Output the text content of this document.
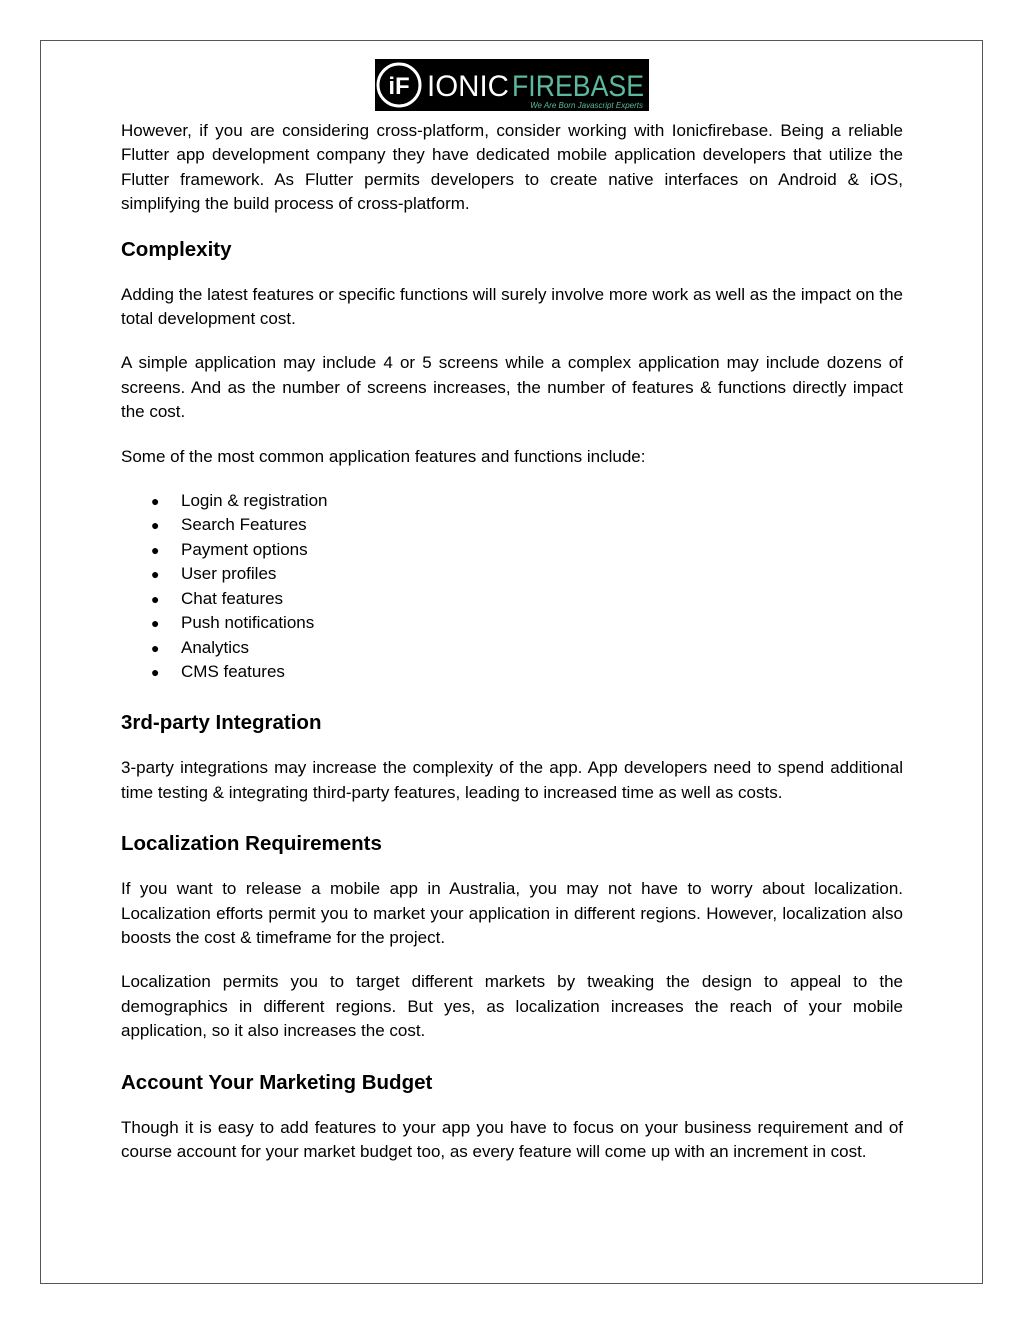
iF IONIC FIREBASE
We Are Born Javascript Experts

However, if you are considering cross-platform, consider working with Ionicfirebase. Being a reliable Flutter app development company they have dedicated mobile application developers that utilize the Flutter framework. As Flutter permits developers to create native interfaces on Android & iOS, simplifying the build process of cross-platform.

Complexity

Adding the latest features or specific functions will surely involve more work as well as the impact on the total development cost.

A simple application may include 4 or 5 screens while a complex application may include dozens of screens. And as the number of screens increases, the number of features & functions directly impact the cost.

Some of the most common application features and functions include:

● Login & registration
● Search Features
● Payment options
● User profiles
● Chat features
● Push notifications
● Analytics
● CMS features
3rd-party Integration

3-party integrations may increase the complexity of the app. App developers need to spend additional time testing & integrating third-party features, leading to increased time as well as costs.

Localization Requirements

If you want to release a mobile app in Australia, you may not have to worry about localization. Localization efforts permit you to market your application in different regions. However, localization also boosts the cost & timeframe for the project.

Localization permits you to target different markets by tweaking the design to appeal to the demographics in different regions. But yes, as localization increases the reach of your mobile application, so it also increases the cost.

Account Your Marketing Budget

Though it is easy to add features to your app you have to focus on your business requirement and of course account for your market budget too, as every feature will come up with an increment in cost.
